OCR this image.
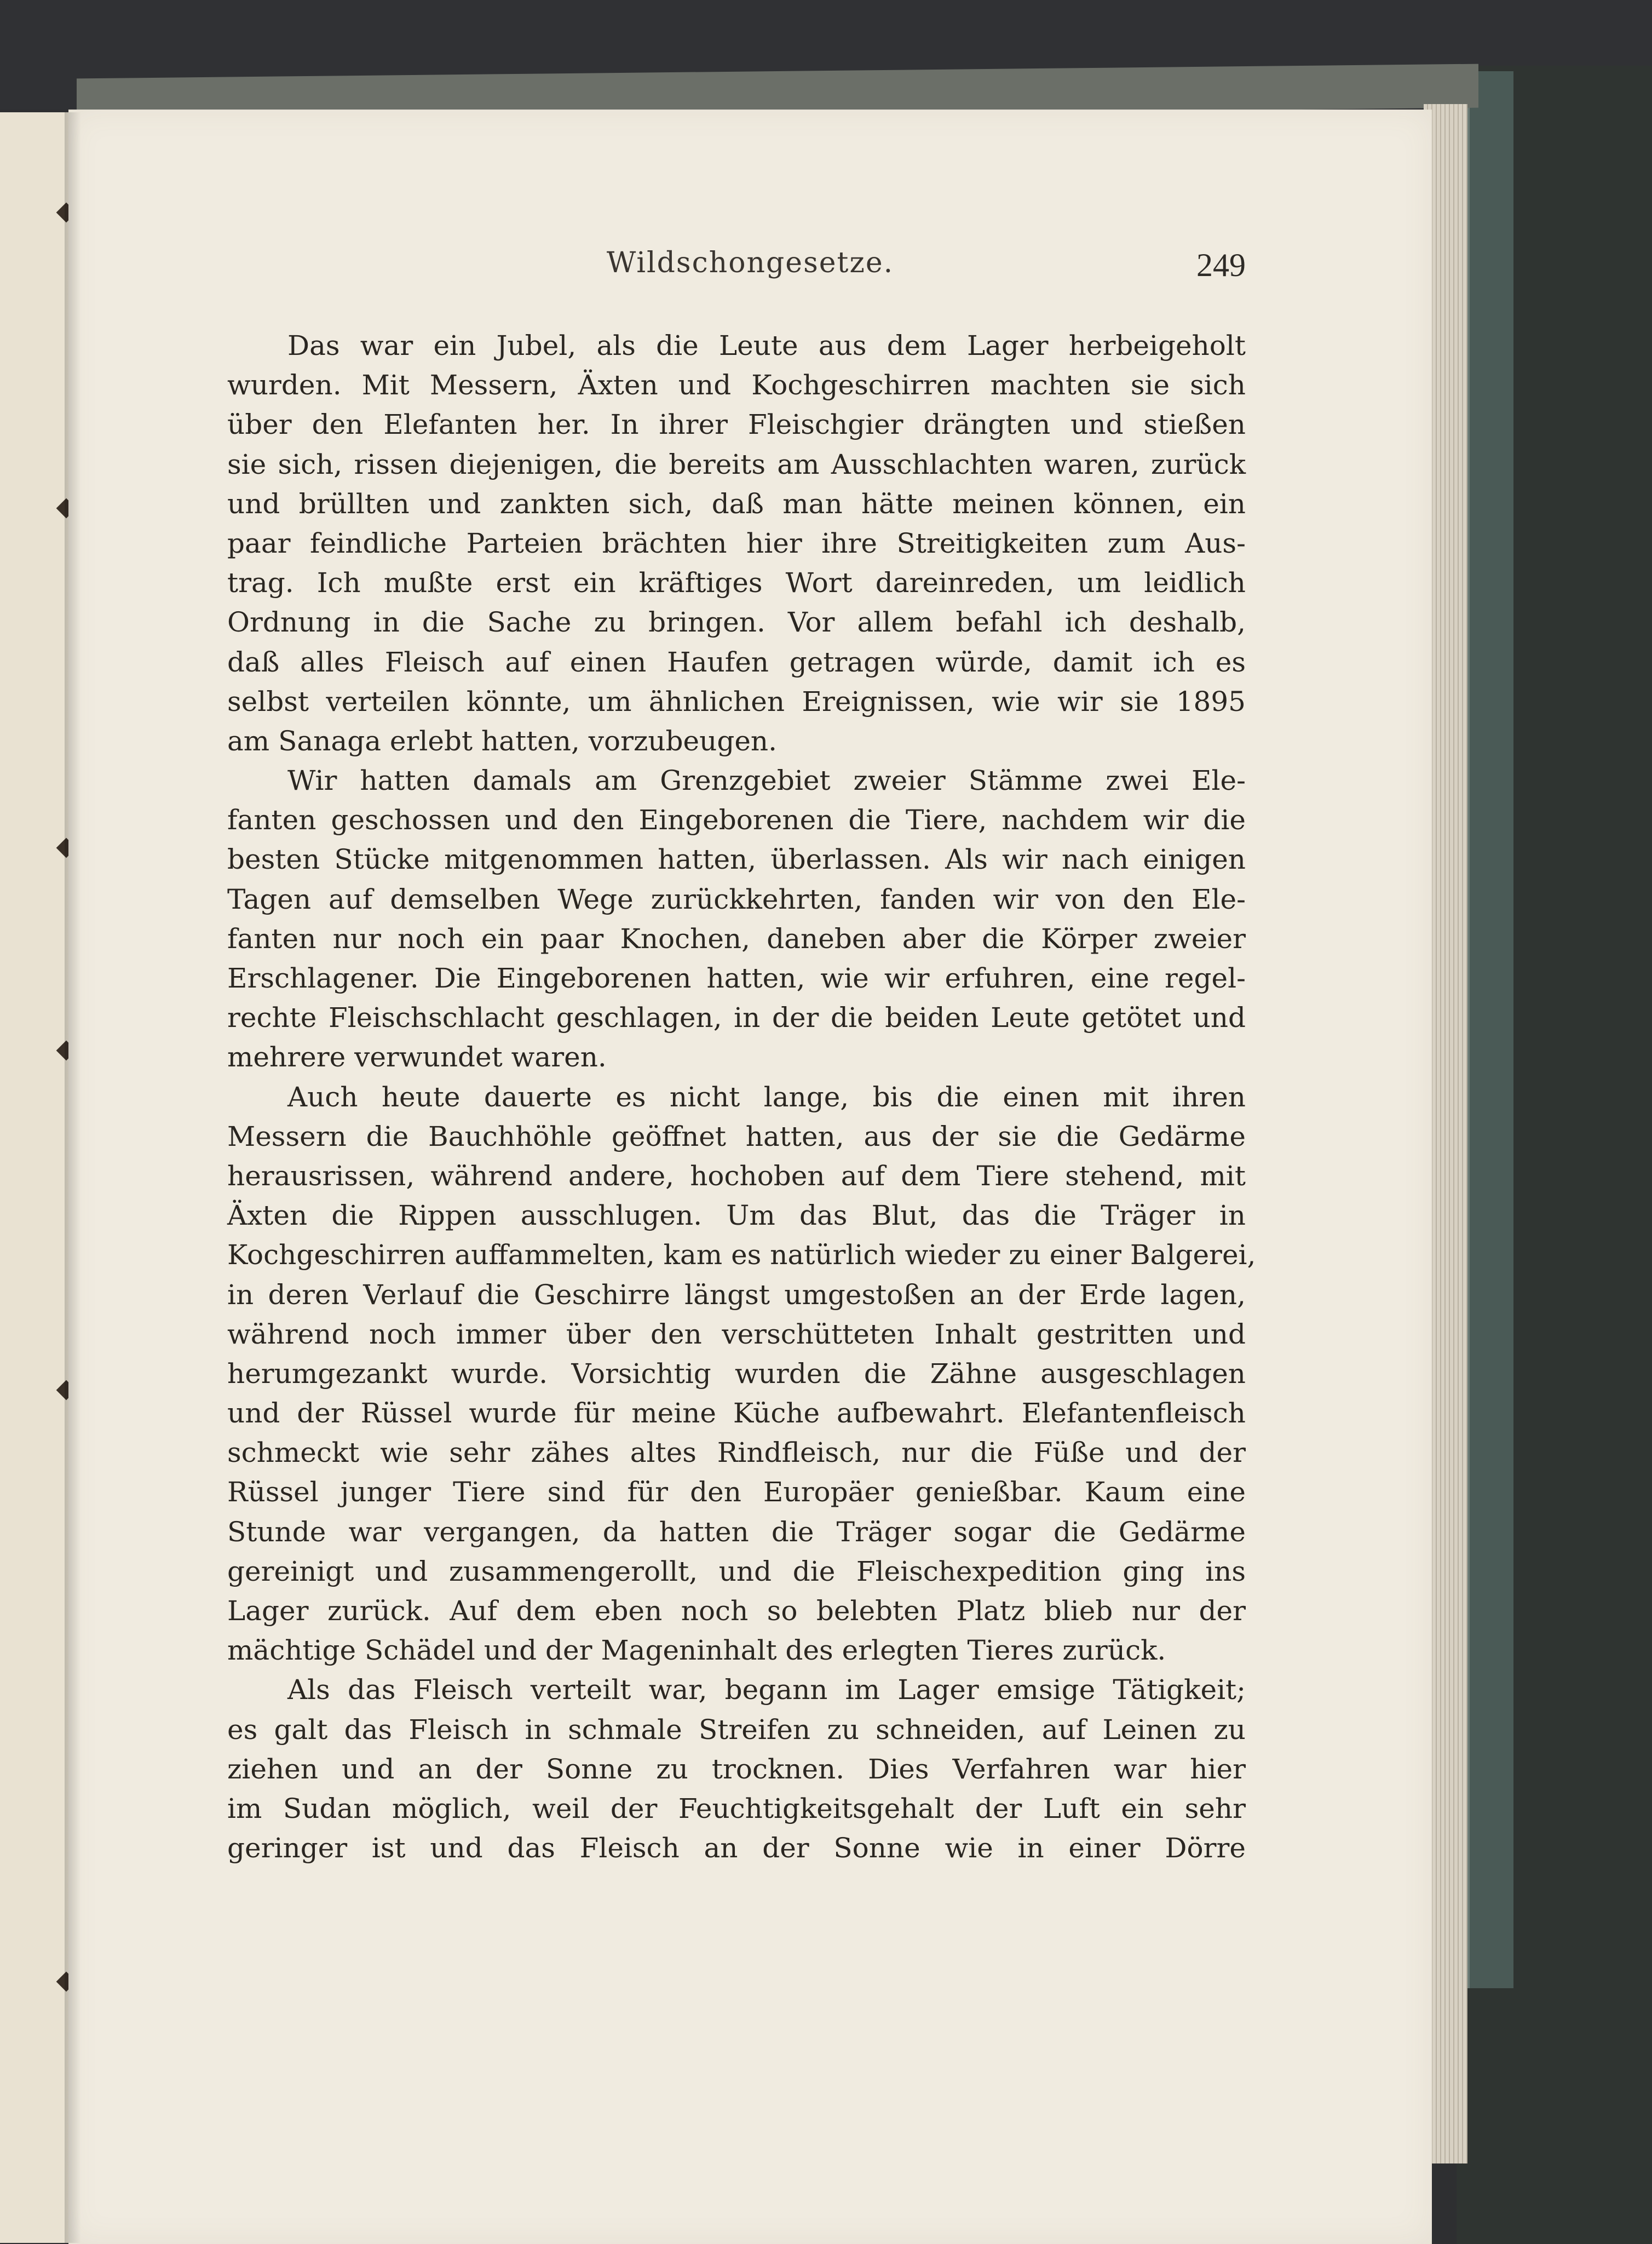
Wildschongesetze.	249
Das war ein Jubel, als die Leute aus dem Lager herbeigeholt
wurden. Mit Messern, Äxten und Kochgeschirren machten sie sich
über den Elefanten her. In ihrer Fleischgier drängten und stießen
sie sich, rissen diejenigen, die bereits am Ausschlachten waren, zurück
und brüllten und zankten sich, daß man hätte meinen können, ein
paar feindliche Parteien brächten hier ihre Streitigkeiten zum Aus-
trag. Ich mußte erst ein kräftiges Wort dareinreden, um leidlich
Ordnung in die Sache zu bringen. Vor allem befahl ich deshalb,
daß alles Fleisch auf einen Haufen getragen würde, damit ich es
selbst verteilen könnte, um ähnlichen Ereignissen, wie wir sie 1895
am Sanaga erlebt hatten, vorzubeugen.
Wir hatten damals am Grenzgebiet zweier Stämme zwei Ele-
fanten geschossen und den Eingeborenen die Tiere, nachdem wir die
besten Stücke mitgenommen hatten, überlassen. Als wir nach einigen
Tagen auf demselben Wege zurückkehrten, fanden wir von den Ele-
fanten nur noch ein paar Knochen, daneben aber die Körper zweier
Erschlagener. Die Eingeborenen hatten, wie wir erfuhren, eine regel-
rechte Fleischschlacht geschlagen, in der die beiden Leute getötet und
mehrere verwundet waren.
Auch heute dauerte es nicht lange, bis die einen mit ihren
Messern die Bauchhöhle geöffnet hatten, aus der sie die Gedärme
herausrissen, während andere, hochoben auf dem Tiere stehend, mit
Äxten die Rippen ausschlugen. Um das Blut, das die Träger in
Kochgeschirren auffammelten, kam es natürlich wieder zu einer Balgerei,
in deren Verlauf die Geschirre längst umgestoßen an der Erde lagen,
während noch immer über den verschütteten Inhalt gestritten und
herumgezankt wurde. Vorsichtig wurden die Zähne ausgeschlagen
und der Rüssel wurde für meine Küche aufbewahrt. Elefantenfleisch
schmeckt wie sehr zähes altes Rindfleisch, nur die Füße und der
Rüssel junger Tiere sind für den Europäer genießbar. Kaum eine
Stunde war vergangen, da hatten die Träger sogar die Gedärme
gereinigt und zusammengerollt, und die Fleischexpedition ging ins
Lager zurück. Auf dem eben noch so belebten Platz blieb nur der
mächtige Schädel und der Mageninhalt des erlegten Tieres zurück.
Als das Fleisch verteilt war, begann im Lager emsige Tätigkeit;
es galt das Fleisch in schmale Streifen zu schneiden, auf Leinen zu
ziehen und an der Sonne zu trocknen. Dies Verfahren war hier
im Sudan möglich, weil der Feuchtigkeitsgehalt der Luft ein sehr
geringer ist und das Fleisch an der Sonne wie in einer Dörre
